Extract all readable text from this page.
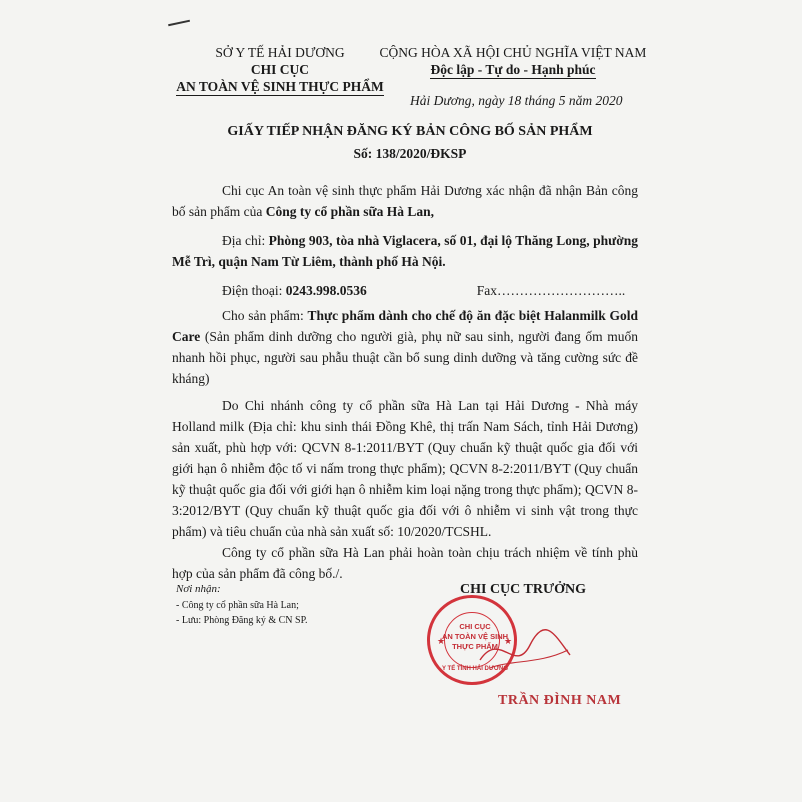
SỞ Y TẾ HẢI DƯƠNG
CHI CỤC
AN TOÀN VỆ SINH THỰC PHẨM
CỘNG HÒA XÃ HỘI CHỦ NGHĨA VIỆT NAM
Độc lập - Tự do - Hạnh phúc
Hải Dương, ngày 18 tháng 5 năm 2020
GIẤY TIẾP NHẬN ĐĂNG KÝ BẢN CÔNG BỐ SẢN PHẨM
Số: 138/2020/ĐKSP

Chi cục An toàn vệ sinh thực phẩm Hải Dương xác nhận đã nhận Bản công bố sản phẩm của Công ty cổ phần sữa Hà Lan,

Địa chỉ: Phòng 903, tòa nhà Viglacera, số 01, đại lộ Thăng Long, phường Mễ Trì, quận Nam Từ Liêm, thành phố Hà Nội.

Điện thoại: 0243.998.0536	Fax………………………..

Cho sản phẩm: Thực phẩm dành cho chế độ ăn đặc biệt Halanmilk Gold Care (Sản phẩm dinh dưỡng cho người già, phụ nữ sau sinh, người đang ốm muốn nhanh hồi phục, người sau phẫu thuật cần bổ sung dinh dưỡng và tăng cường sức đề kháng)

Do Chi nhánh công ty cổ phần sữa Hà Lan tại Hải Dương - Nhà máy Holland milk (Địa chỉ: khu sinh thái Đồng Khê, thị trấn Nam Sách, tỉnh Hải Dương) sản xuất, phù hợp với: QCVN 8-1:2011/BYT (Quy chuẩn kỹ thuật quốc gia đối với giới hạn ô nhiễm độc tố vi nấm trong thực phẩm); QCVN 8-2:2011/BYT (Quy chuẩn kỹ thuật quốc gia đối với giới hạn ô nhiễm kim loại nặng trong thực phẩm); QCVN 8-3:2012/BYT (Quy chuẩn kỹ thuật quốc gia đối với ô nhiễm vi sinh vật trong thực phẩm) và tiêu chuẩn của nhà sản xuất số: 10/2020/TCSHL.

Công ty cổ phần sữa Hà Lan phải hoàn toàn chịu trách nhiệm về tính phù hợp của sản phẩm đã công bố./.

Nơi nhận:
- Công ty cổ phần sữa Hà Lan;
- Lưu: Phòng Đăng ký & CN SP.
CHI CỤC
AN TOÀN VỆ SINH
THỰC PHẨM
Y TẾ TỈNH HẢI DƯƠNG
★	★
CHI CỤC TRƯỞNG
TRẦN ĐÌNH NAM
